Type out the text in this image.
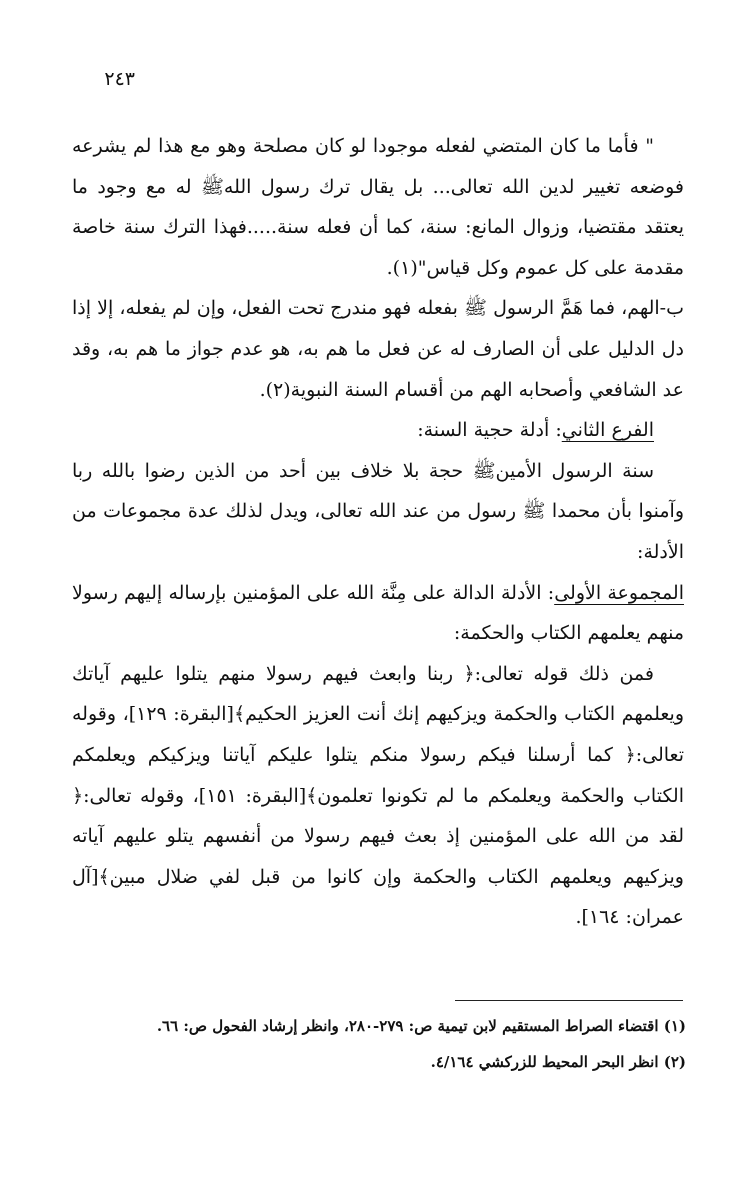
٢٤٣

" فأما ما كان المتضي لفعله موجودا لو كان مصلحة وهو مع هذا لم يشرعه فوضعه تغيير لدين الله تعالى... بل يقال ترك رسول اللهﷺ له مع وجود ما يعتقد مقتضيا، وزوال المانع: سنة، كما أن فعله سنة.....فهذا الترك سنة خاصة مقدمة على كل عموم وكل قياس"(١).

ب-الهم، فما هَمَّ الرسول ﷺ بفعله فهو مندرج تحت الفعل، وإن لم يفعله، إلا إذا دل الدليل على أن الصارف له عن فعل ما هم به، هو عدم جواز ما هم به، وقد عد الشافعي وأصحابه الهم من أقسام السنة النبوية(٢).

الفرع الثاني: أدلة حجية السنة:

سنة الرسول الأمينﷺ حجة بلا خلاف بين أحد من الذين رضوا بالله ربا وآمنوا بأن محمدا ﷺ رسول من عند الله تعالى، ويدل لذلك عدة مجموعات من الأدلة:

المجموعة الأولى: الأدلة الدالة على مِنَّة الله على المؤمنين بإرساله إليهم رسولا منهم يعلمهم الكتاب والحكمة:

فمن ذلك قوله تعالى:﴿ ربنا وابعث فيهم رسولا منهم يتلوا عليهم آياتك ويعلمهم الكتاب والحكمة ويزكيهم إنك أنت العزيز الحكيم﴾[البقرة: ١٢٩]، وقوله تعالى:﴿ كما أرسلنا فيكم رسولا منكم يتلوا عليكم آياتنا ويزكيكم ويعلمكم الكتاب والحكمة ويعلمكم ما لم تكونوا تعلمون﴾[البقرة: ١٥١]، وقوله تعالى:﴿ لقد من الله على المؤمنين إذ بعث فيهم رسولا من أنفسهم يتلو عليهم آياته ويزكيهم ويعلمهم الكتاب والحكمة وإن كانوا من قبل لفي ضلال مبين﴾[آل عمران: ١٦٤].

(١) اقتضاء الصراط المستقيم لابن تيمية ص: ٢٧٩-٢٨٠، وانظر إرشاد الفحول ص: ٦٦.
(٢) انظر البحر المحيط للزركشي ٤/١٦٤.
